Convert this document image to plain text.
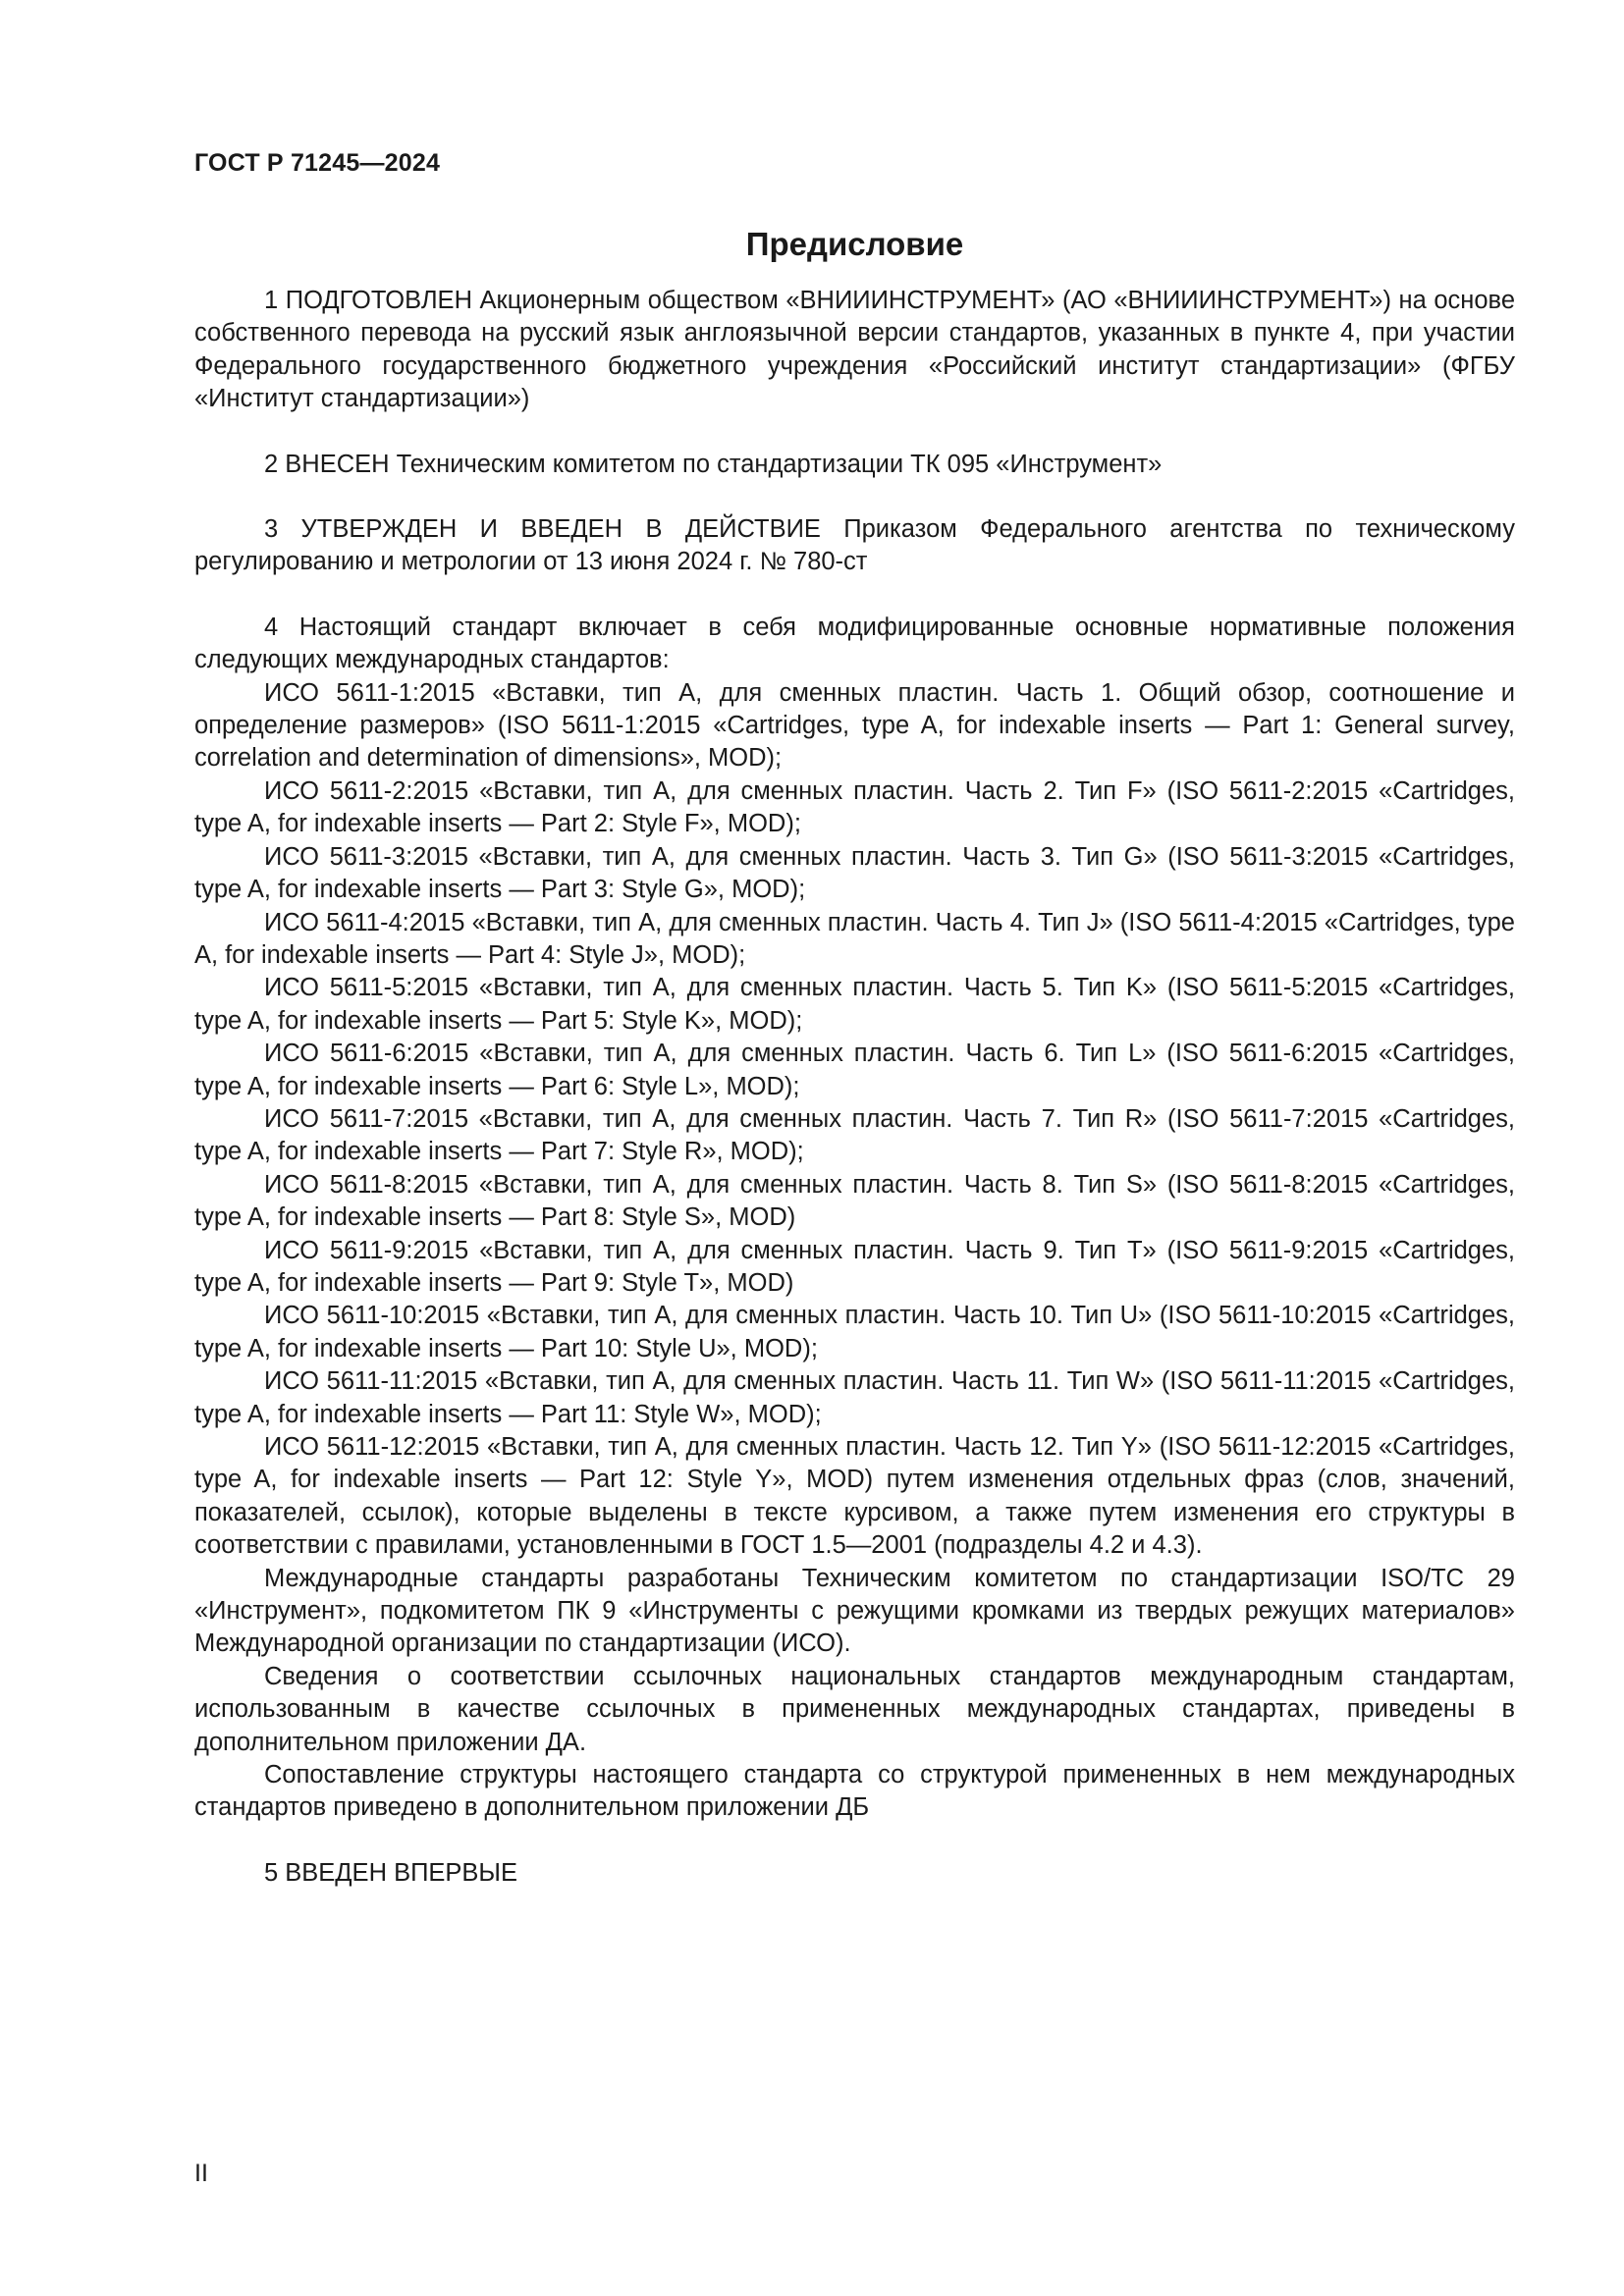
ГОСТ Р 71245—2024

Предисловие

1 ПОДГОТОВЛЕН Акционерным обществом «ВНИИИНСТРУМЕНТ» (АО «ВНИИИНСТРУМЕНТ») на основе собственного перевода на русский язык англоязычной версии стандартов, указанных в пункте 4, при участии Федерального государственного бюджетного учреждения «Российский институт стандартизации» (ФГБУ «Институт стандартизации»)

2 ВНЕСЕН Техническим комитетом по стандартизации ТК 095 «Инструмент»

3 УТВЕРЖДЕН И ВВЕДЕН В ДЕЙСТВИЕ Приказом Федерального агентства по техническому регулированию и метрологии от 13 июня 2024 г. № 780-ст

4 Настоящий стандарт включает в себя модифицированные основные нормативные положения следующих международных стандартов:

ИСО 5611-1:2015 «Вставки, тип А, для сменных пластин. Часть 1. Общий обзор, соотношение и определение размеров» (ISO 5611-1:2015 «Cartridges, type A, for indexable inserts — Part 1: General survey, correlation and determination of dimensions», MOD);

ИСО 5611-2:2015 «Вставки, тип А, для сменных пластин. Часть 2. Тип F» (ISO 5611-2:2015 «Cartridges, type A, for indexable inserts — Part 2: Style F», MOD);

ИСО 5611-3:2015 «Вставки, тип А, для сменных пластин. Часть 3. Тип G» (ISO 5611-3:2015 «Cartridges, type A, for indexable inserts — Part 3: Style G», MOD);

ИСО 5611-4:2015 «Вставки, тип А, для сменных пластин. Часть 4. Тип J» (ISO 5611-4:2015 «Cartridges, type A, for indexable inserts — Part 4: Style J», MOD);

ИСО 5611-5:2015 «Вставки, тип А, для сменных пластин. Часть 5. Тип K» (ISO 5611-5:2015 «Cartridges, type A, for indexable inserts — Part 5: Style K», MOD);

ИСО 5611-6:2015 «Вставки, тип А, для сменных пластин. Часть 6. Тип L» (ISO 5611-6:2015 «Cartridges, type A, for indexable inserts — Part 6: Style L», MOD);

ИСО 5611-7:2015 «Вставки, тип А, для сменных пластин. Часть 7. Тип R» (ISO 5611-7:2015 «Cartridges, type A, for indexable inserts — Part 7: Style R», MOD);

ИСО 5611-8:2015 «Вставки, тип А, для сменных пластин. Часть 8. Тип S» (ISO 5611-8:2015 «Cartridges, type A, for indexable inserts — Part 8: Style S», MOD)

ИСО 5611-9:2015 «Вставки, тип А, для сменных пластин. Часть 9. Тип T» (ISO 5611-9:2015 «Cartridges, type A, for indexable inserts — Part 9: Style T», MOD)

ИСО 5611-10:2015 «Вставки, тип А, для сменных пластин. Часть 10. Тип U» (ISO 5611-10:2015 «Cartridges, type A, for indexable inserts — Part 10: Style U», MOD);

ИСО 5611-11:2015 «Вставки, тип А, для сменных пластин. Часть 11. Тип W» (ISO 5611-11:2015 «Cartridges, type A, for indexable inserts — Part 11: Style W», MOD);

ИСО 5611-12:2015 «Вставки, тип А, для сменных пластин. Часть 12. Тип Y» (ISO 5611-12:2015 «Cartridges, type A, for indexable inserts — Part 12: Style Y», MOD) путем изменения отдельных фраз (слов, значений, показателей, ссылок), которые выделены в тексте курсивом, а также путем изменения его структуры в соответствии с правилами, установленными в ГОСТ 1.5—2001 (подразделы 4.2 и 4.3).

Международные стандарты разработаны Техническим комитетом по стандартизации ISO/TC 29 «Инструмент», подкомитетом ПК 9 «Инструменты с режущими кромками из твердых режущих материалов» Международной организации по стандартизации (ИСО).

Сведения о соответствии ссылочных национальных стандартов международным стандартам, использованным в качестве ссылочных в примененных международных стандартах, приведены в дополнительном приложении ДА.

Сопоставление структуры настоящего стандарта со структурой примененных в нем международных стандартов приведено в дополнительном приложении ДБ

5 ВВЕДЕН ВПЕРВЫЕ

II
